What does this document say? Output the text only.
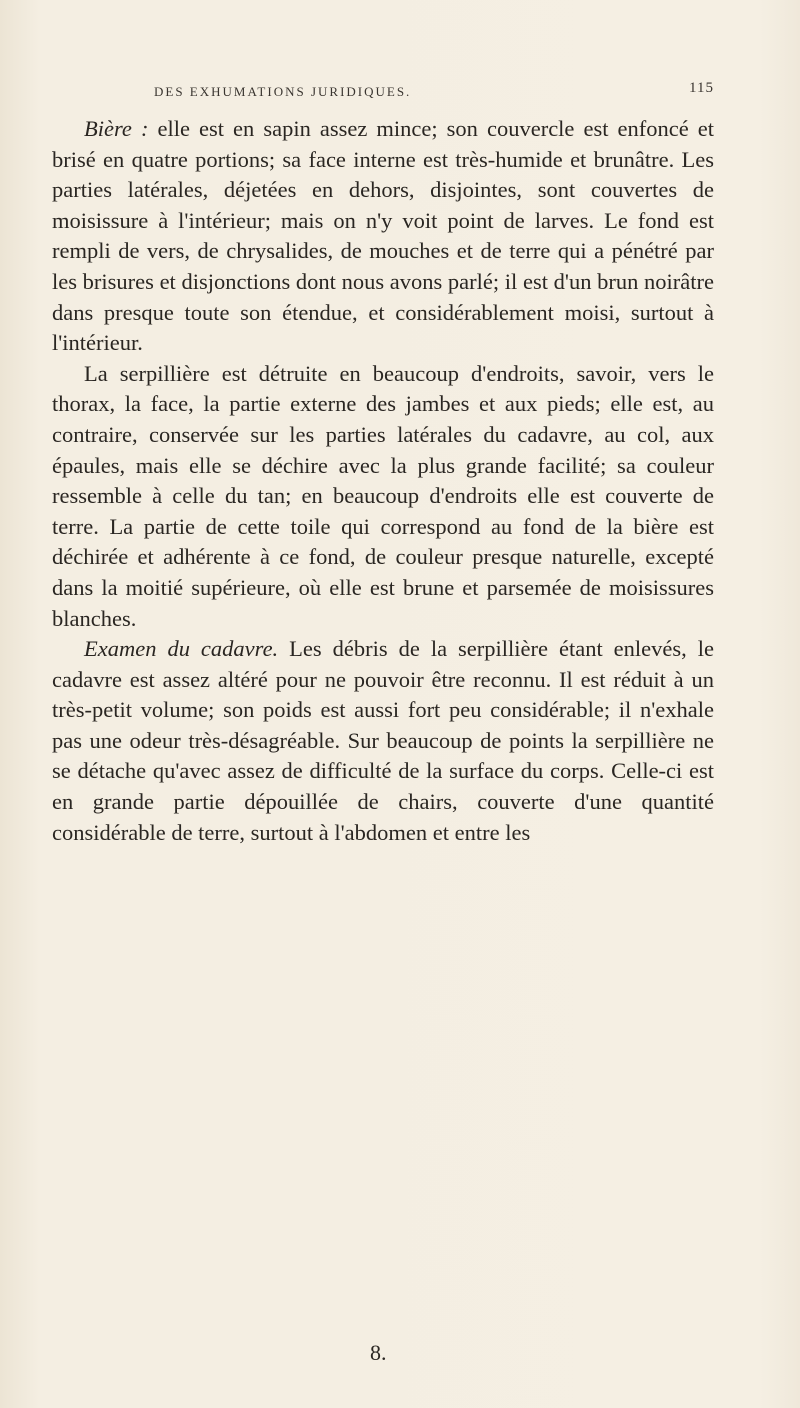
DES EXHUMATIONS JURIDIQUES.	115

Bière : elle est en sapin assez mince; son couvercle est enfoncé et brisé en quatre portions; sa face interne est très-humide et brunâtre. Les parties latérales, déjetées en dehors, disjointes, sont couvertes de moisissure à l'intérieur; mais on n'y voit point de larves. Le fond est rempli de vers, de chrysalides, de mouches et de terre qui a pénétré par les brisures et disjonctions dont nous avons parlé; il est d'un brun noirâtre dans presque toute son étendue, et considérablement moisi, surtout à l'intérieur.

La serpillière est détruite en beaucoup d'endroits, savoir, vers le thorax, la face, la partie externe des jambes et aux pieds; elle est, au contraire, conservée sur les parties latérales du cadavre, au col, aux épaules, mais elle se déchire avec la plus grande facilité; sa couleur ressemble à celle du tan; en beaucoup d'endroits elle est couverte de terre. La partie de cette toile qui correspond au fond de la bière est déchirée et adhérente à ce fond, de couleur presque naturelle, excepté dans la moitié supérieure, où elle est brune et parsemée de moisissures blanches.

Examen du cadavre. Les débris de la serpillière étant enlevés, le cadavre est assez altéré pour ne pouvoir être reconnu. Il est réduit à un très-petit volume; son poids est aussi fort peu considérable; il n'exhale pas une odeur très-désagréable. Sur beaucoup de points la serpillière ne se détache qu'avec assez de difficulté de la surface du corps. Celle-ci est en grande partie dépouillée de chairs, couverte d'une quantité considérable de terre, surtout à l'abdomen et entre les

8.
